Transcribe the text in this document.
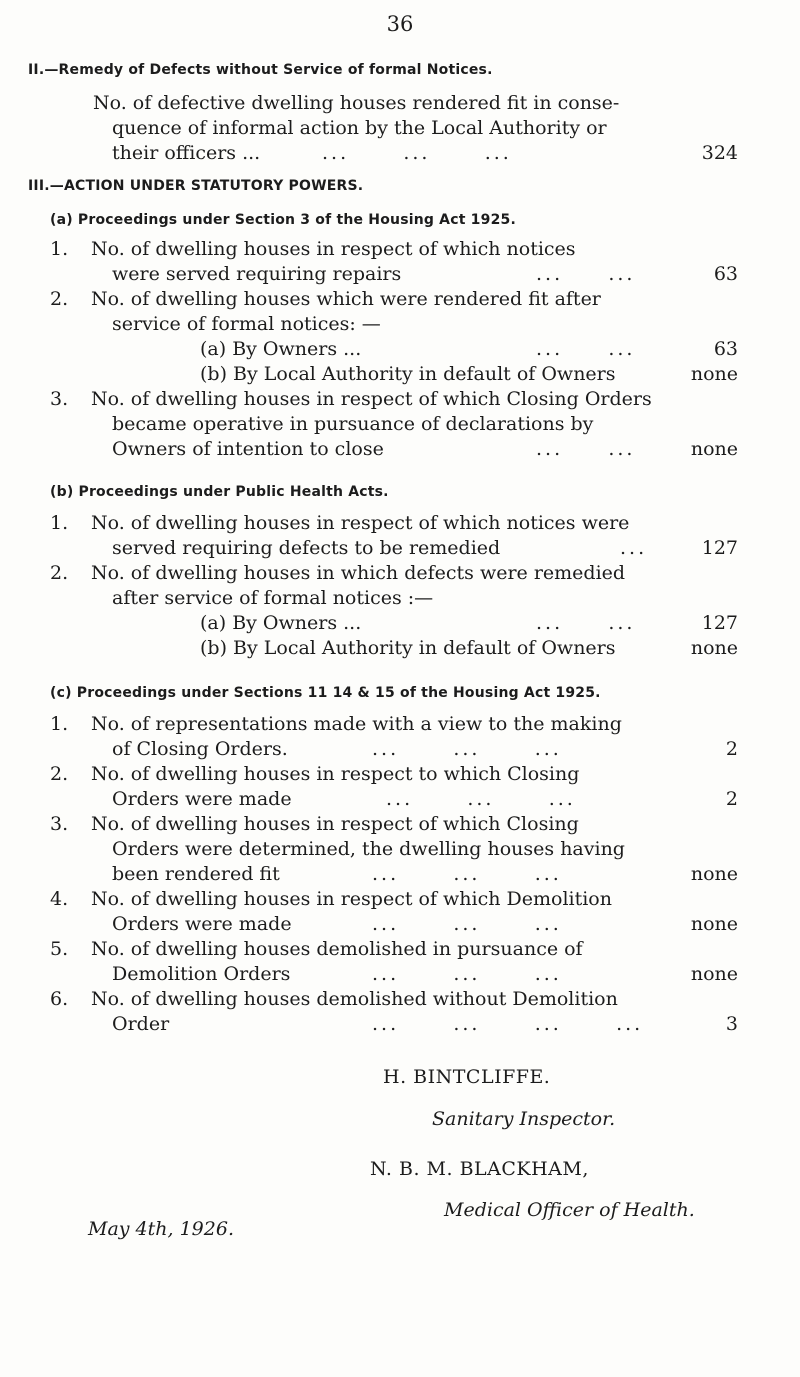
36
II.—Remedy of Defects without Service of formal Notices.
No. of defective dwelling houses rendered fit in conse-
quence of informal action by the Local Authority or
their officers ...	...      ...      ...	324
III.—ACTION UNDER STATUTORY POWERS.
(a) Proceedings under Section 3 of the Housing Act 1925.
1. No. of dwelling houses in respect of which notices
were served requiring repairs	...     ...	63
2. No. of dwelling houses which were rendered fit after
service of formal notices: —
(a) By Owners ...	...     ...	63
(b) By Local Authority in default of Owners	none
3. No. of dwelling houses in respect of which Closing Orders
became operative in pursuance of declarations by
Owners of intention to close	...     ...	none
(b) Proceedings under Public Health Acts.
1. No. of dwelling houses in respect of which notices were
served requiring defects to be remedied	...	127
2. No. of dwelling houses in which defects were remedied
after service of formal notices :—
(a) By Owners ...	...     ...	127
(b) By Local Authority in default of Owners	none
(c) Proceedings under Sections 11 14 & 15 of the Housing Act 1925.
1. No. of representations made with a view to the making
of Closing Orders.	...      ...      ...	2
2. No. of dwelling houses in respect to which Closing
Orders were made	...      ...      ...	2
3. No. of dwelling houses in respect of which Closing
Orders were determined, the dwelling houses having
been rendered fit	...      ...      ...	none
4. No. of dwelling houses in respect of which Demolition
Orders were made	...      ...      ...	none
5. No. of dwelling houses demolished in pursuance of
Demolition Orders	...      ...      ...	none
6. No. of dwelling houses demolished without Demolition
Order	...      ...      ...      ...	3
H. BINTCLIFFE.
Sanitary Inspector.
N. B. M. BLACKHAM,
Medical Officer of Health.
May 4th, 1926.
